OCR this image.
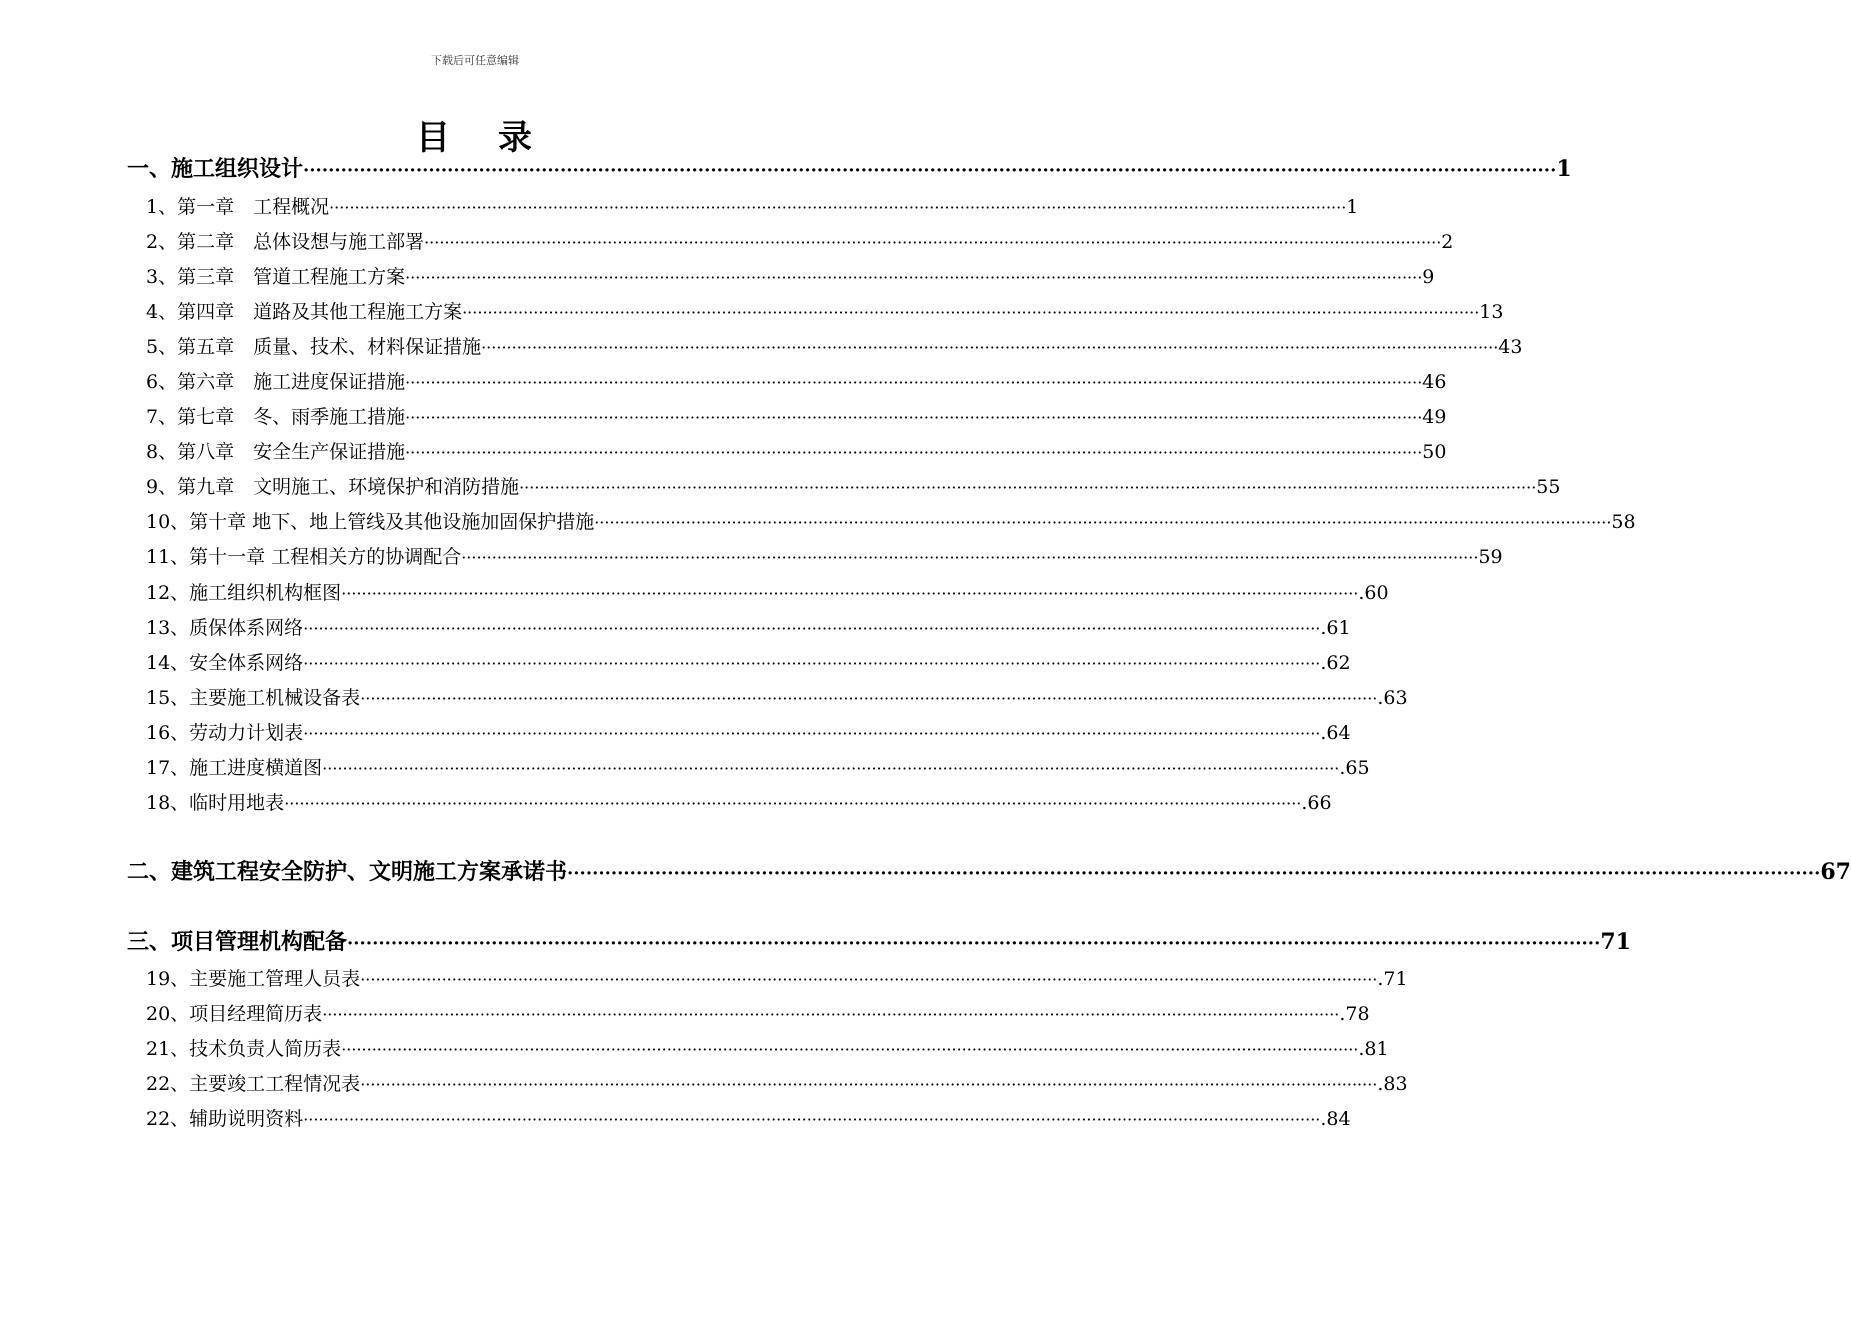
下载后可任意编辑
目 录
一、施工组织设计 ········································································································································································································ 1
1、第一章　工程概况 ········································································································································································································ 1
2、第二章　总体设想与施工部署 ········································································································································································································ 2
3、第三章　管道工程施工方案 ········································································································································································································ 9
4、第四章　道路及其他工程施工方案 ········································································································································································································ 13
5、第五章　质量、技术、材料保证措施 ········································································································································································································ 43
6、第六章　施工进度保证措施 ········································································································································································································ 46
7、第七章　冬、雨季施工措施 ········································································································································································································ 49
8、第八章　安全生产保证措施 ········································································································································································································ 50
9、第九章　文明施工、环境保护和消防措施 ········································································································································································································ 55
10、第十章 地下、地上管线及其他设施加固保护措施 ········································································································································································································ 58
11、第十一章 工程相关方的协调配合 ········································································································································································································ 59
12、施工组织机构框图 ········································································································································································································ .60
13、质保体系网络 ········································································································································································································ .61
14、安全体系网络 ········································································································································································································ .62
15、主要施工机械设备表 ········································································································································································································ .63
16、劳动力计划表 ········································································································································································································ .64
17、施工进度横道图 ········································································································································································································ .65
18、临时用地表 ········································································································································································································ .66
二、建筑工程安全防护、文明施工方案承诺书 ········································································································································································································ 67
三、项目管理机构配备 ········································································································································································································ 71
19、主要施工管理人员表 ········································································································································································································ .71
20、项目经理简历表 ········································································································································································································ .78
21、技术负责人简历表 ········································································································································································································ .81
22、主要竣工工程情况表 ········································································································································································································ .83
22、辅助说明资料 ········································································································································································································ .84
